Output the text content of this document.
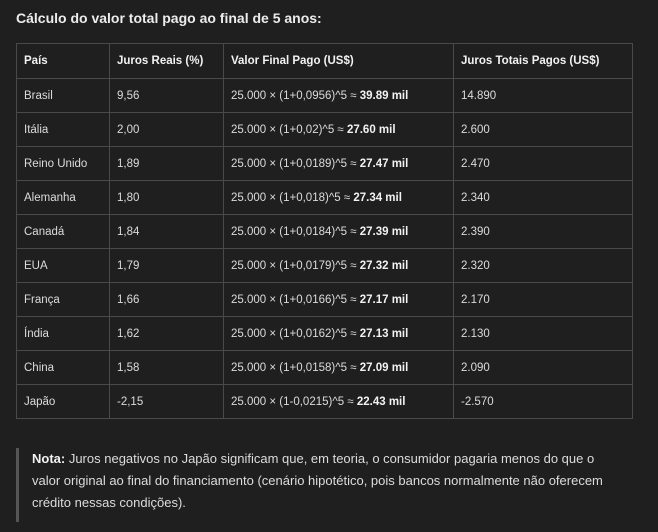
Cálculo do valor total pago ao final de 5 anos:
País	Juros Reais (%)	Valor Final Pago (US$)	Juros Totais Pagos (US$)
Brasil	9,56	25.000 × (1+0,0956)^5 ≈ 39.89 mil	14.890
Itália	2,00	25.000 × (1+0,02)^5 ≈ 27.60 mil	2.600
Reino Unido	1,89	25.000 × (1+0,0189)^5 ≈ 27.47 mil	2.470
Alemanha	1,80	25.000 × (1+0,018)^5 ≈ 27.34 mil	2.340
Canadá	1,84	25.000 × (1+0,0184)^5 ≈ 27.39 mil	2.390
EUA	1,79	25.000 × (1+0,0179)^5 ≈ 27.32 mil	2.320
França	1,66	25.000 × (1+0,0166)^5 ≈ 27.17 mil	2.170
Índia	1,62	25.000 × (1+0,0162)^5 ≈ 27.13 mil	2.130
China	1,58	25.000 × (1+0,0158)^5 ≈ 27.09 mil	2.090
Japão	-2,15	25.000 × (1-0,0215)^5 ≈ 22.43 mil	-2.570
Nota: Juros negativos no Japão significam que, em teoria, o consumidor pagaria menos do que o valor original ao final do financiamento (cenário hipotético, pois bancos normalmente não oferecem crédito nessas condições).
